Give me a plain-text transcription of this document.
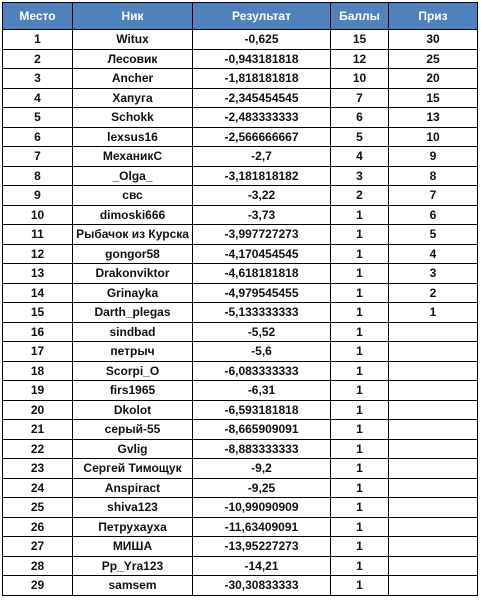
Место	Ник	Результат	Баллы	Приз
1	Witux	-0,625	15	30
2	Лесовик	-0,943181818	12	25
3	Ancher	-1,818181818	10	20
4	Хапуга	-2,345454545	7	15
5	Schokk	-2,483333333	6	13
6	lexsus16	-2,566666667	5	10
7	МеханикС	-2,7	4	9
8	_Olga_	-3,181818182	3	8
9	свс	-3,22	2	7
10	dimoski666	-3,73	1	6
11	Рыбачок из Курска	-3,997727273	1	5
12	gongor58	-4,170454545	1	4
13	Drakonviktor	-4,618181818	1	3
14	Grinayka	-4,979545455	1	2
15	Darth_plegas	-5,133333333	1	1
16	sindbad	-5,52	1	
17	петрыч	-5,6	1	
18	Scorpi_O	-6,083333333	1	
19	firs1965	-6,31	1	
20	Dkolot	-6,593181818	1	
21	серый-55	-8,665909091	1	
22	Gvlig	-8,883333333	1	
23	Сергей Тимощук	-9,2	1	
24	Anspiract	-9,25	1	
25	shiva123	-10,99090909	1	
26	Петрухауха	-11,63409091	1	
27	МИША	-13,95227273	1	
28	Pp_Yra123	-14,21	1	
29	samsem	-30,30833333	1	
